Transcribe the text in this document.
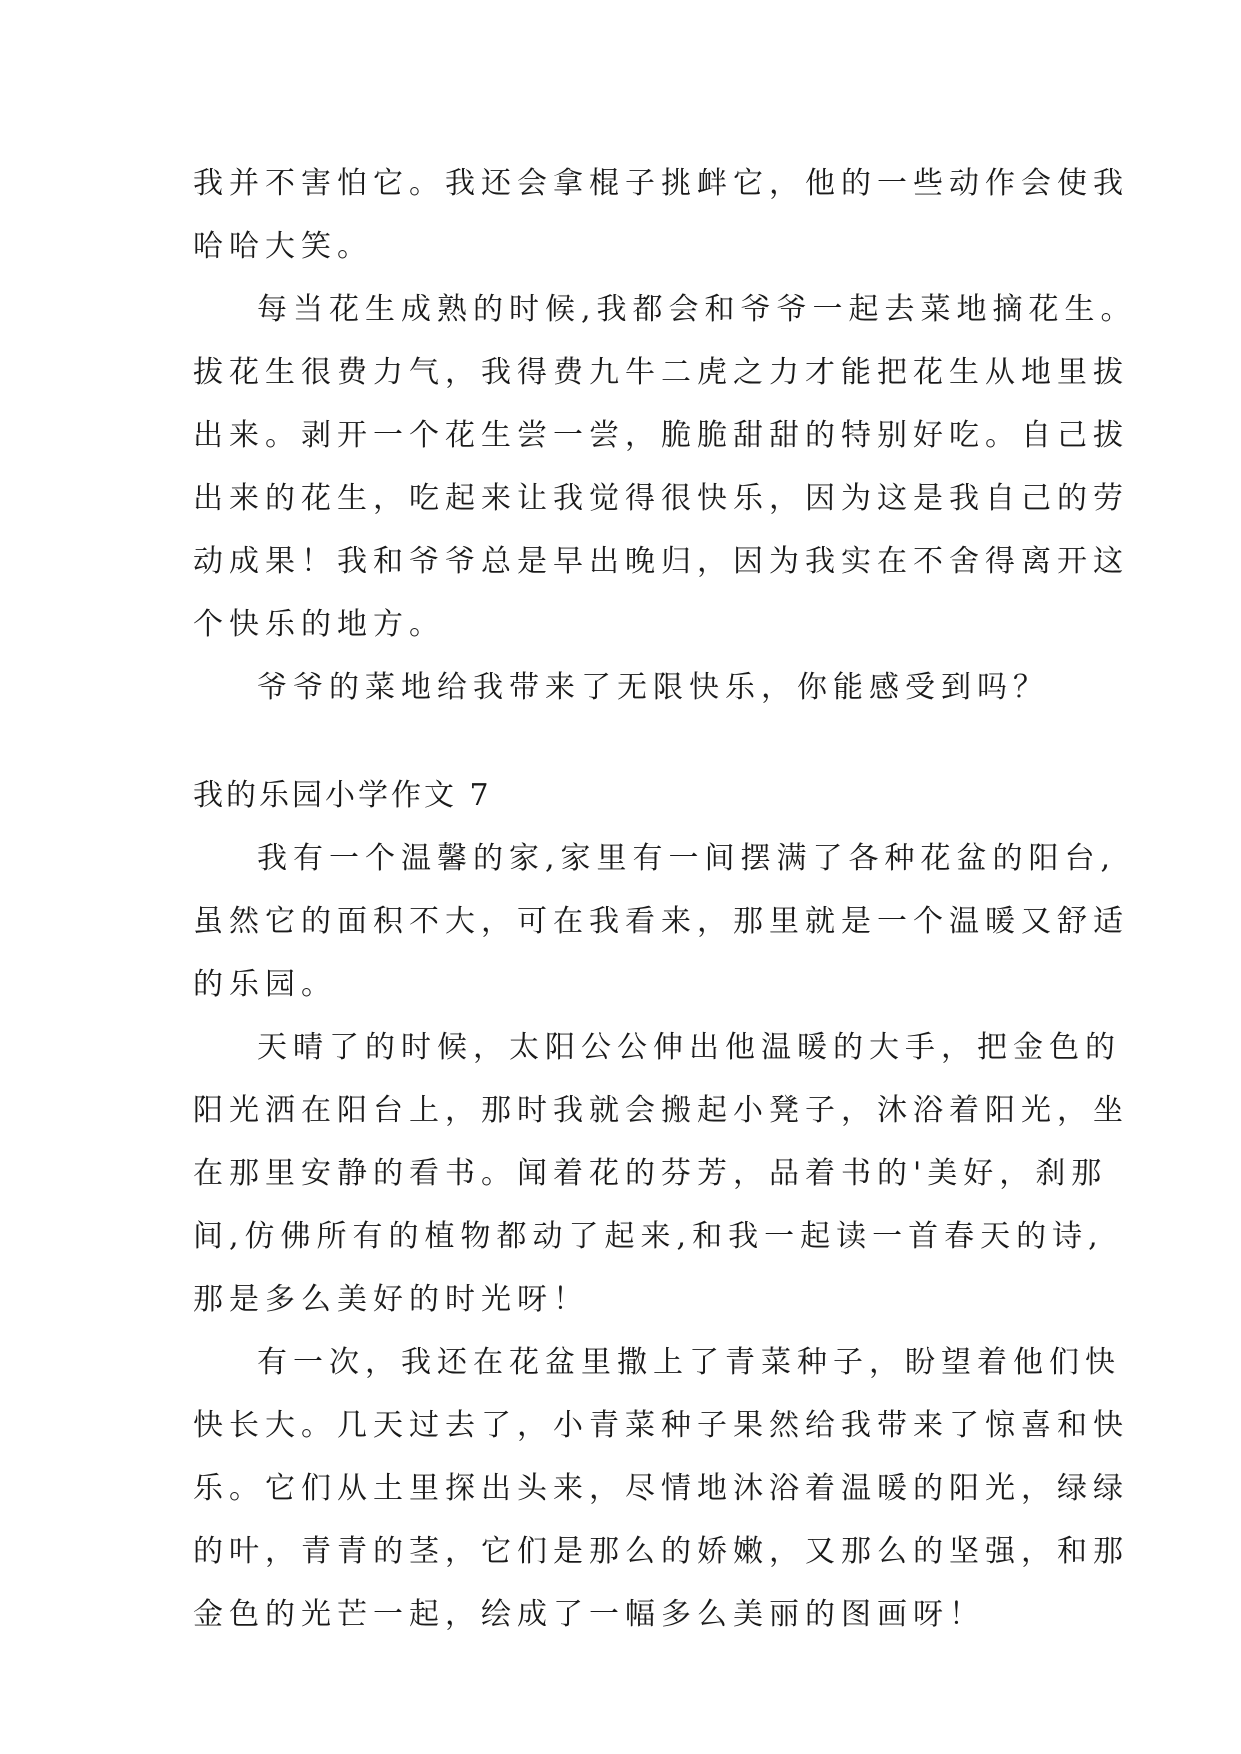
我并不害怕它。我还会拿棍子挑衅它，他的一些动作会使我
哈哈大笑。
每当花生成熟的时候,我都会和爷爷一起去菜地摘花生。
拔花生很费力气，我得费九牛二虎之力才能把花生从地里拔
出来。剥开一个花生尝一尝，脆脆甜甜的特别好吃。自己拔
出来的花生，吃起来让我觉得很快乐，因为这是我自己的劳
动成果！我和爷爷总是早出晚归，因为我实在不舍得离开这
个快乐的地方。
爷爷的菜地给我带来了无限快乐，你能感受到吗？
我的乐园小学作文 7
我有一个温馨的家,家里有一间摆满了各种花盆的阳台,
虽然它的面积不大，可在我看来，那里就是一个温暖又舒适
的乐园。
天晴了的时候，太阳公公伸出他温暖的大手，把金色的
阳光洒在阳台上，那时我就会搬起小凳子，沐浴着阳光，坐
在那里安静的看书。闻着花的芬芳，品着书的'美好，刹那
间,仿佛所有的植物都动了起来,和我一起读一首春天的诗,
那是多么美好的时光呀！
有一次，我还在花盆里撒上了青菜种子，盼望着他们快
快长大。几天过去了，小青菜种子果然给我带来了惊喜和快
乐。它们从土里探出头来，尽情地沐浴着温暖的阳光，绿绿
的叶，青青的茎，它们是那么的娇嫩，又那么的坚强，和那
金色的光芒一起，绘成了一幅多么美丽的图画呀！
